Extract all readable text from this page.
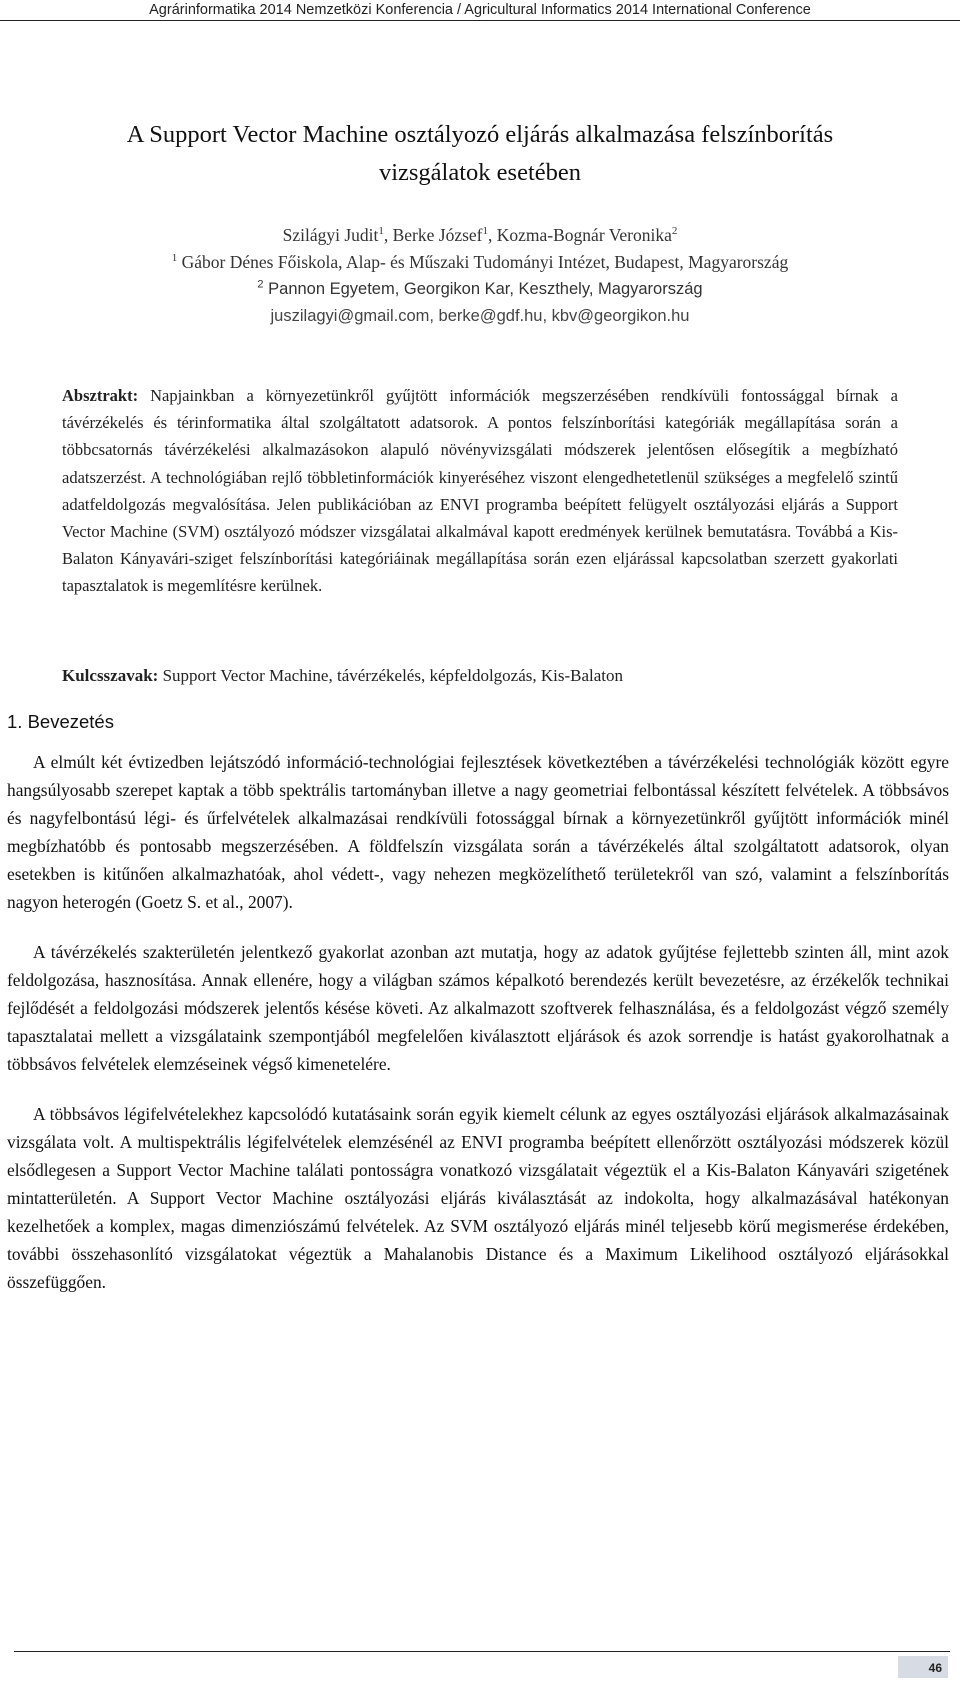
Agrárinformatika 2014 Nemzetközi Konferencia / Agricultural Informatics 2014 International Conference
A Support Vector Machine osztályozó eljárás alkalmazása felszínborítás
vizsgálatok esetében
Szilágyi Judit$^1$, Berke József$^1$, Kozma-Bognár Veronika$^2$
$^1$ Gábor Dénes Főiskola, Alap- és Műszaki Tudományi Intézet, Budapest, Magyarország
$^2$ Pannon Egyetem, Georgikon Kar, Keszthely, Magyarország
juszilagyi@gmail.com, berke@gdf.hu, kbv@georgikon.hu
Absztrakt: Napjainkban a környezetünkről gyűjtött információk megszerzésében rendkívüli fontossággal bírnak a távérzékelés és térinformatika által szolgáltatott adatsorok. A pontos felszínborítási kategóriák megállapítása során a többcsatornás távérzékelési alkalmazásokon alapuló növényvizsgálati módszerek jelentősen elősegítik a megbízható adatszerzést. A technológiában rejlő többletinformációk kinyeréséhez viszont elengedhetetlenül szükséges a megfelelő szintű adatfeldolgozás megvalósítása. Jelen publikációban az ENVI programba beépített felügyelt osztályozási eljárás a Support Vector Machine (SVM) osztályozó módszer vizsgálatai alkalmával kapott eredmények kerülnek bemutatásra. Továbbá a Kis-Balaton Kányavári-sziget felszínborítási kategóriáinak megállapítása során ezen eljárással kapcsolatban szerzett gyakorlati tapasztalatok is megemlítésre kerülnek.
Kulcsszavak: Support Vector Machine, távérzékelés, képfeldolgozás, Kis-Balaton
1. Bevezetés

A elmúlt két évtizedben lejátszódó információ-technológiai fejlesztések következtében a távérzékelési technológiák között egyre hangsúlyosabb szerepet kaptak a több spektrális tartományban illetve a nagy geometriai felbontással készített felvételek. A többsávos és nagyfelbontású légi- és űrfelvételek alkalmazásai rendkívüli fotossággal bírnak a környezetünkről gyűjtött információk minél megbízhatóbb és pontosabb megszerzésében. A földfelszín vizsgálata során a távérzékelés által szolgáltatott adatsorok, olyan esetekben is kitűnően alkalmazhatóak, ahol védett-, vagy nehezen megközelíthető területekről van szó, valamint a felszínborítás nagyon heterogén (Goetz S. et al., 2007).

A távérzékelés szakterületén jelentkező gyakorlat azonban azt mutatja, hogy az adatok gyűjtése fejlettebb szinten áll, mint azok feldolgozása, hasznosítása. Annak ellenére, hogy a világban számos képalkotó berendezés került bevezetésre, az érzékelők technikai fejlődését a feldolgozási módszerek jelentős késése követi. Az alkalmazott szoftverek felhasználása, és a feldolgozást végző személy tapasztalatai mellett a vizsgálataink szempontjából megfelelően kiválasztott eljárások és azok sorrendje is hatást gyakorolhatnak a többsávos felvételek elemzéseinek végső kimenetelére.

A többsávos légifelvételekhez kapcsolódó kutatásaink során egyik kiemelt célunk az egyes osztályozási eljárások alkalmazásainak vizsgálata volt. A multispektrális légifelvételek elemzésénél az ENVI programba beépített ellenőrzött osztályozási módszerek közül elsődlegesen a Support Vector Machine találati pontosságra vonatkozó vizsgálatait végeztük el a Kis-Balaton Kányavári szigetének mintatterületén. A Support Vector Machine osztályozási eljárás kiválasztását az indokolta, hogy alkalmazásával hatékonyan kezelhetőek a komplex, magas dimenziószámú felvételek. Az SVM osztályozó eljárás minél teljesebb körű megismerése érdekében, további összehasonlító vizsgálatokat végeztük a Mahalanobis Distance és a Maximum Likelihood osztályozó eljárásokkal összefüggően.

46
